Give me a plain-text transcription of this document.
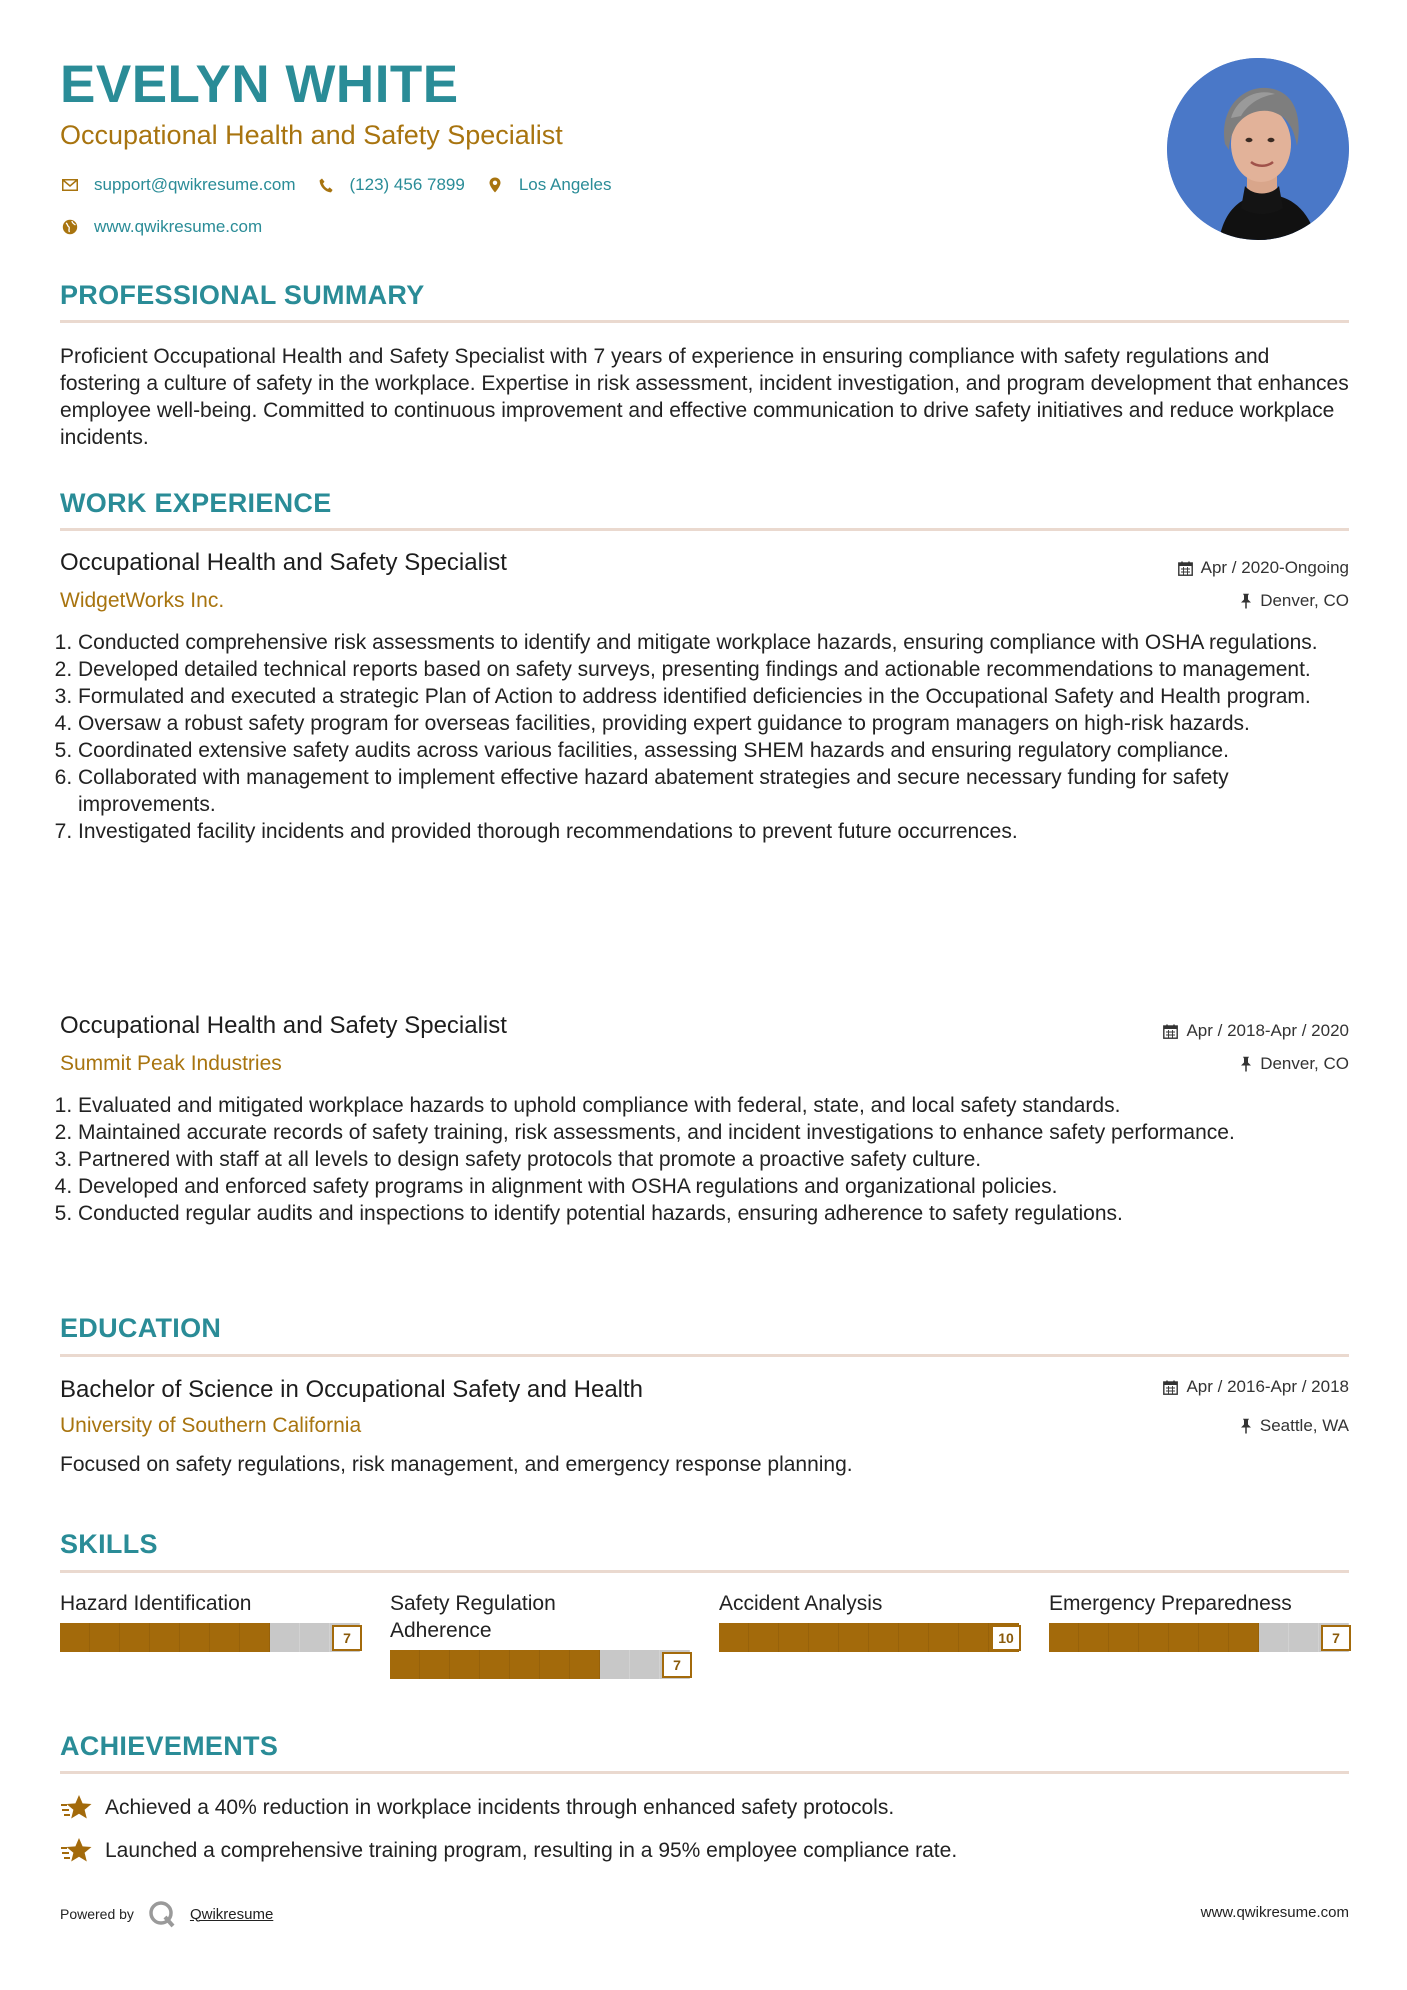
EVELYN WHITE
Occupational Health and Safety Specialist
support@qwikresume.com	(123) 456 7899	Los Angeles
www.qwikresume.com
PROFESSIONAL SUMMARY
Proficient Occupational Health and Safety Specialist with 7 years of experience in ensuring compliance with safety regulations and fostering a culture of safety in the workplace. Expertise in risk assessment, incident investigation, and program development that enhances employee well-being. Committed to continuous improvement and effective communication to drive safety initiatives and reduce workplace incidents.
WORK EXPERIENCE
Occupational Health and Safety Specialist	Apr / 2020-Ongoing
WidgetWorks Inc.	Denver, CO
1. Conducted comprehensive risk assessments to identify and mitigate workplace hazards, ensuring compliance with OSHA regulations.
2. Developed detailed technical reports based on safety surveys, presenting findings and actionable recommendations to management.
3. Formulated and executed a strategic Plan of Action to address identified deficiencies in the Occupational Safety and Health program.
4. Oversaw a robust safety program for overseas facilities, providing expert guidance to program managers on high-risk hazards.
5. Coordinated extensive safety audits across various facilities, assessing SHEM hazards and ensuring regulatory compliance.
6. Collaborated with management to implement effective hazard abatement strategies and secure necessary funding for safety improvements.
7. Investigated facility incidents and provided thorough recommendations to prevent future occurrences.
Occupational Health and Safety Specialist	Apr / 2018-Apr / 2020
Summit Peak Industries	Denver, CO
1. Evaluated and mitigated workplace hazards to uphold compliance with federal, state, and local safety standards.
2. Maintained accurate records of safety training, risk assessments, and incident investigations to enhance safety performance.
3. Partnered with staff at all levels to design safety protocols that promote a proactive safety culture.
4. Developed and enforced safety programs in alignment with OSHA regulations and organizational policies.
5. Conducted regular audits and inspections to identify potential hazards, ensuring adherence to safety regulations.
EDUCATION
Bachelor of Science in Occupational Safety and Health	Apr / 2016-Apr / 2018
University of Southern California	Seattle, WA
Focused on safety regulations, risk management, and emergency response planning.
SKILLS
Hazard Identification
7
Safety Regulation Adherence
7
Accident Analysis
10
Emergency Preparedness
7
ACHIEVEMENTS
Achieved a 40% reduction in workplace incidents through enhanced safety protocols.
Launched a comprehensive training program, resulting in a 95% employee compliance rate.
Powered by	Qwikresume	www.qwikresume.com
